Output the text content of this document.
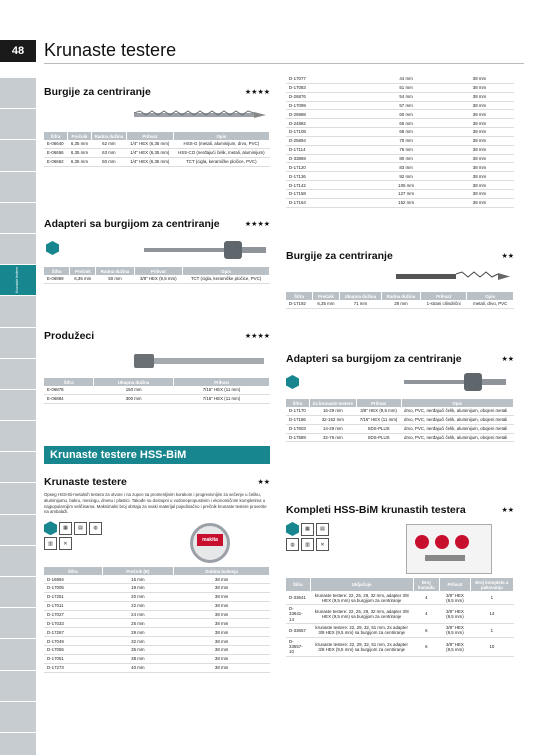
48	Krunaste testere
Krunaste testere
Burgije za centriranje	★★★★
Šifra	Prečnik	Radna dužina	Prihvat	Opis
E-06640	6,35 mm	62 mm	1/4" HEX (6,35 mm)	HSS-G (metali, aluminijum, drvo, PVC)
E-06656	6,35 mm	63 mm	1/4" HEX (6,35 mm)	HSS-CO (nerđajući čelik, metali, aluminijum)
E-06662	6,35 mm	50 mm	1/4" HEX (6,35 mm)	TCT (cigla, keramičke pločice, PVC)
Adapteri sa burgijom za centriranje	★★★★
Šifra	Prečnik	Radna dužina	Prihvat	Opis
E-06959	6,35 mm	50 mm	3/8" HEX (9,5 mm)	TCT (cigla, keramičke pločice, PVC)
Produžeci	★★★★
Šifra	Ukupna dužina	Prihvat
E-06878	150 mm	7/16" HEX (11 mm)
E-06884	300 mm	7/16" HEX (11 mm)
Krunaste testere HSS-BiM
Krunaste testere	★★
Opseg HSS-Bi-metalnih testera za otvore i na zupce sa promenljivim korakom i progresivnijim za sečenje u čeliku, aluminijumu, bakru, mesingu, drvetu i plastici. Takođe su dostupni u vodonepropustivim i ekonomičnim kompletima u najpopularnijim veličinama. Maksimalni broj obrtaja za svaki materijal pojedinačno i prečnik krunaste testere proverite na ambalaži.
▦	▤	◍
▥	✕
makita
Šifra	Prečnik (B)	Dubina bušenja
D-16994	16 mm	38 mm
D-17005	19 mm	38 mm
D-17251	20 mm	38 mm
D-17011	22 mm	38 mm
D-17027	24 mm	38 mm
D-17033	25 mm	38 mm
D-17267	29 mm	38 mm
D-17049	32 mm	38 mm
D-17055	35 mm	38 mm
D-17061	38 mm	38 mm
D-17273	40 mm	38 mm
D-17077	44 mm	38 mm
D-17083	51 mm	38 mm
D-26876	54 mm	38 mm
D-17099	57 mm	38 mm
D-25988	60 mm	38 mm
D-24882	65 mm	38 mm
D-17108	68 mm	38 mm
D-25894	70 mm	38 mm
D-17114	76 mm	38 mm
D-33869	80 mm	38 mm
D-17120	83 mm	38 mm
D-17136	92 mm	38 mm
D-17142	105 mm	38 mm
D-17158	127 mm	38 mm
D-17164	152 mm	38 mm
Burgije za centriranje	★★
Šifra	Prečnik	Ukupna dužina	Radna dužina	Prihvat	Opis
D-17192	6,35 mm	71 mm	28 mm	1-strani cilindrični	metali, drvo, PVC
Adapteri sa burgijom za centriranje	★★
Šifra	Za krunaste testere	Prihvat	Opis
D-17170	16-29 mm	3/8" HEX (9,5 mm)	drvo, PVC, nerđajući čelik, aluminijum, obojeni metali
D-17186	32-152 mm	7/16" HEX (11 mm)	drvo, PVC, nerđajući čelik, aluminijum, obojeni metali
D-17603	14-29 mm	SDS-PLUS	drvo, PVC, nerđajući čelik, aluminijum, obojeni metali
D-17589	32-76 mm	SDS-PLUS	drvo, PVC, nerđajući čelik, aluminijum, obojeni metali
Kompleti HSS-BiM krunastih testera	★★
▦	▤
◍	▥	✕
Šifra	Uključuje	Broj komada	Prihvat	Broj kompleta u pakovanju
D-33641	krunaste testere: 22, 25, 29, 32 mm, adapter 3/8 HEX (9,5 mm) sa burgijom za centriranje	4	3/8" HEX (9,5 mm)	1
D-33641-14	krunaste testere: 22, 25, 29, 32 mm, adapter 3/8 HEX (9,5 mm) sa burgijom za centriranje	4	3/8" HEX (9,5 mm)	14
D-33657	krunaste testere: 22, 29, 32, 51 mm, 2x adapter 3/8 HEX (9,5 mm) sa burgijom za centriranje	6	3/8" HEX (9,5 mm)	1
D-33657-10	krunaste testere: 22, 29, 32, 51 mm, 2x adapter 3/8 HEX (9,5 mm) sa burgijom za centriranje	6	3/8" HEX (9,5 mm)	10
